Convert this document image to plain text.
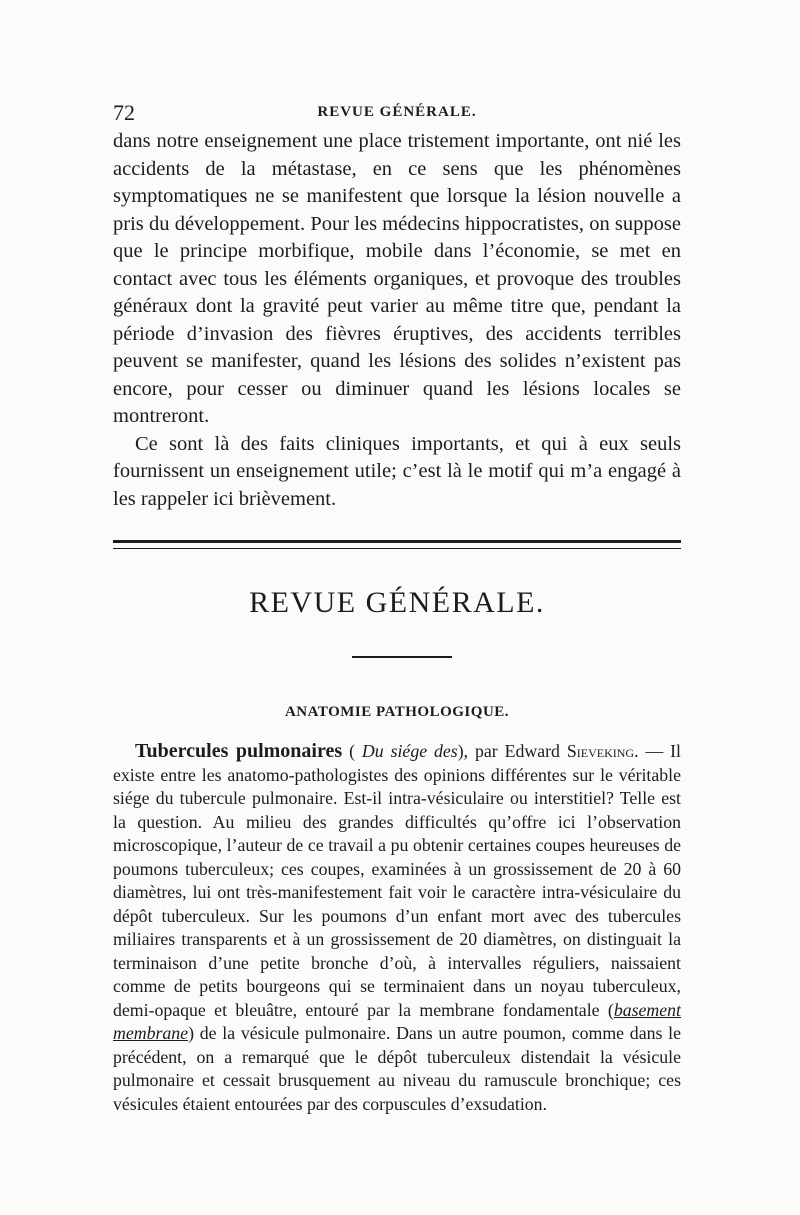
72	REVUE GÉNÉRALE.

dans notre enseignement une place tristement importante, ont nié les accidents de la métastase, en ce sens que les phénomènes symptomatiques ne se manifestent que lorsque la lésion nouvelle a pris du développement. Pour les médecins hippocratistes, on suppose que le principe morbifique, mobile dans l’économie, se met en contact avec tous les éléments organiques, et provoque des troubles généraux dont la gravité peut varier au même titre que, pendant la période d’invasion des fièvres éruptives, des accidents terribles peuvent se manifester, quand les lésions des solides n’existent pas encore, pour cesser ou diminuer quand les lésions locales se montreront.

Ce sont là des faits cliniques importants, et qui à eux seuls fournissent un enseignement utile; c’est là le motif qui m’a engagé à les rappeler ici brièvement.

REVUE GÉNÉRALE.
ANATOMIE PATHOLOGIQUE.
Tubercules pulmonaires ( Du siége des), par Edward Sieveking. — Il existe entre les anatomo-pathologistes des opinions différentes sur le véritable siége du tubercule pulmonaire. Est-il intra-vésiculaire ou interstitiel? Telle est la question. Au milieu des grandes difficultés qu’offre ici l’observation microscopique, l’auteur de ce travail a pu obtenir certaines coupes heureuses de poumons tuberculeux; ces coupes, examinées à un grossissement de 20 à 60 diamètres, lui ont très-manifestement fait voir le caractère intra-vésiculaire du dépôt tuberculeux. Sur les poumons d’un enfant mort avec des tubercules miliaires transparents et à un grossissement de 20 diamètres, on distinguait la terminaison d’une petite bronche d’où, à intervalles réguliers, naissaient comme de petits bourgeons qui se terminaient dans un noyau tuberculeux, demi-opaque et bleuâtre, entouré par la membrane fondamentale (basement membrane) de la vésicule pulmonaire. Dans un autre poumon, comme dans le précédent, on a remarqué que le dépôt tuberculeux distendait la vésicule pulmonaire et cessait brusquement au niveau du ramuscule bronchique; ces vésicules étaient entourées par des corpuscules d’exsudation.
